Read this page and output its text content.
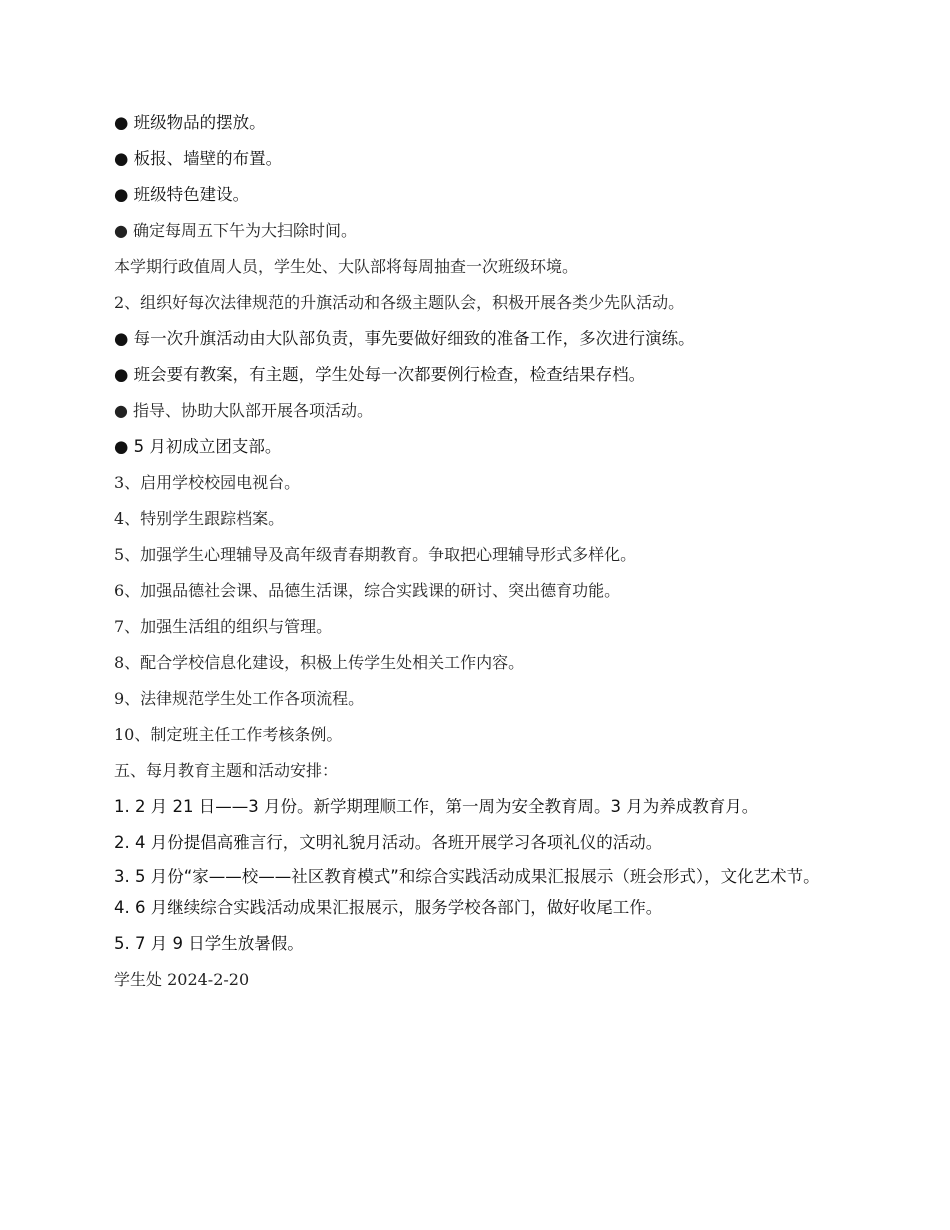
● 班级物品的摆放。

● 板报、墙壁的布置。

● 班级特色建设。

● 确定每周五下午为大扫除时间。

本学期行政值周人员，学生处、大队部将每周抽查一次班级环境。

2、组织好每次法律规范的升旗活动和各级主题队会，积极开展各类少先队活动。

● 每一次升旗活动由大队部负责，事先要做好细致的准备工作，多次进行演练。

● 班会要有教案，有主题，学生处每一次都要例行检查，检查结果存档。

● 指导、协助大队部开展各项活动。

● 5 月初成立团支部。

3、启用学校校园电视台。

4、特别学生跟踪档案。

5、加强学生心理辅导及高年级青春期教育。争取把心理辅导形式多样化。

6、加强品德社会课、品德生活课，综合实践课的研讨、突出德育功能。

7、加强生活组的组织与管理。

8、配合学校信息化建设，积极上传学生处相关工作内容。

9、法律规范学生处工作各项流程。

10、制定班主任工作考核条例。

五、每月教育主题和活动安排：

1. 2 月 21 日——3 月份。新学期理顺工作，第一周为安全教育周。3 月为养成教育月。

2. 4 月份提倡高雅言行，文明礼貌月活动。各班开展学习各项礼仪的活动。

3. 5 月份“家——校——社区教育模式”和综合实践活动成果汇报展示（班会形式），文化艺术节。

4. 6 月继续综合实践活动成果汇报展示，服务学校各部门，做好收尾工作。

5. 7 月 9 日学生放暑假。

学生处 2024-2-20
